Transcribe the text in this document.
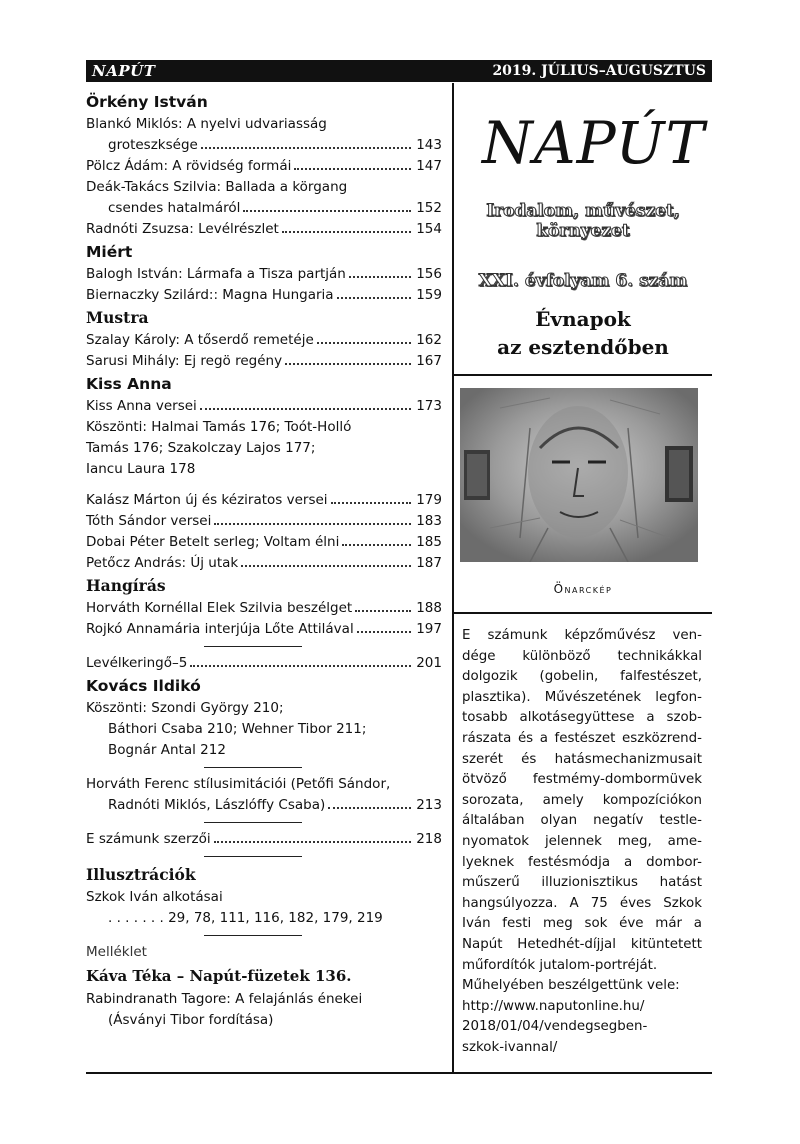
NAPÚT	2019. JÚLIUS–AUGUSZTUS
Örkény István
Blankó Miklós: A nyelvi udvariasság
groteszksége	143
Pölcz Ádám: A rövidség formái	147
Deák-Takács Szilvia: Ballada a körgang
csendes hatalmáról	152
Radnóti Zsuzsa: Levélrészlet	154
Miért
Balogh István: Lármafa a Tisza partján	156
Biernaczky Szilárd:: Magna Hungaria	159
Mustra
Szalay Károly: A tőserdő remetéje	162
Sarusi Mihály: Ej regö regény	167
Kiss Anna
Kiss Anna versei	173
Köszönti: Halmai Tamás 176; Toót-Holló
Tamás 176; Szakolczay Lajos 177;
Iancu Laura 178
Kalász Márton új és kéziratos versei	179
Tóth Sándor versei	183
Dobai Péter Betelt serleg; Voltam élni	185
Petőcz András: Új utak	187
Hangírás
Horváth Kornéllal Elek Szilvia beszélget	188
Rojkó Annamária interjúja Lőte Attilával	197
Levélkeringő–5	201
Kovács Ildikó
Köszönti: Szondi György 210;
Báthori Csaba 210; Wehner Tibor 211;
Bognár Antal 212
Horváth Ferenc stílusimitációi (Petőfi Sándor,
Radnóti Miklós, Lászlóffy Csaba)	213
E számunk szerzői	218
Illusztrációk
Szkok Iván alkotásai
. . . . . . . 29, 78, 111, 116, 182, 179, 219
Melléklet
Káva Téka – Napút-füzetek 136.
Rabindranath Tagore: A felajánlás énekei
(Ásványi Tibor fordítása)
NAPÚT
Irodalom, művészet,
környezet
XXI. évfolyam 6. szám
Évnapok
az esztendőben
Önarckép
E számunk képzőművész ven-
dége különböző technikákkal
dolgozik (gobelin, falfestészet,
plasztika). Művészetének legfon-
tosabb alkotásegyüttese a szob-
rászata és a festészet eszközrend-
szerét és hatásmechanizmusait
ötvöző festmémy-dombormüvek
sorozata, amely kompozíciókon
általában olyan negatív testle-
nyomatok jelennek meg, ame-
lyeknek festésmódja a dombor-
műszerű illuzionisztikus hatást
hangsúlyozza. A 75 éves Szkok
Iván festi meg sok éve már a
Napút Hetedhét-díjjal kitüntetett
műfordítók jutalom-portréját.
Műhelyében beszélgettünk vele:
http://www.naputonline.hu/
2018/01/04/vendegsegben-
szkok-ivannal/
